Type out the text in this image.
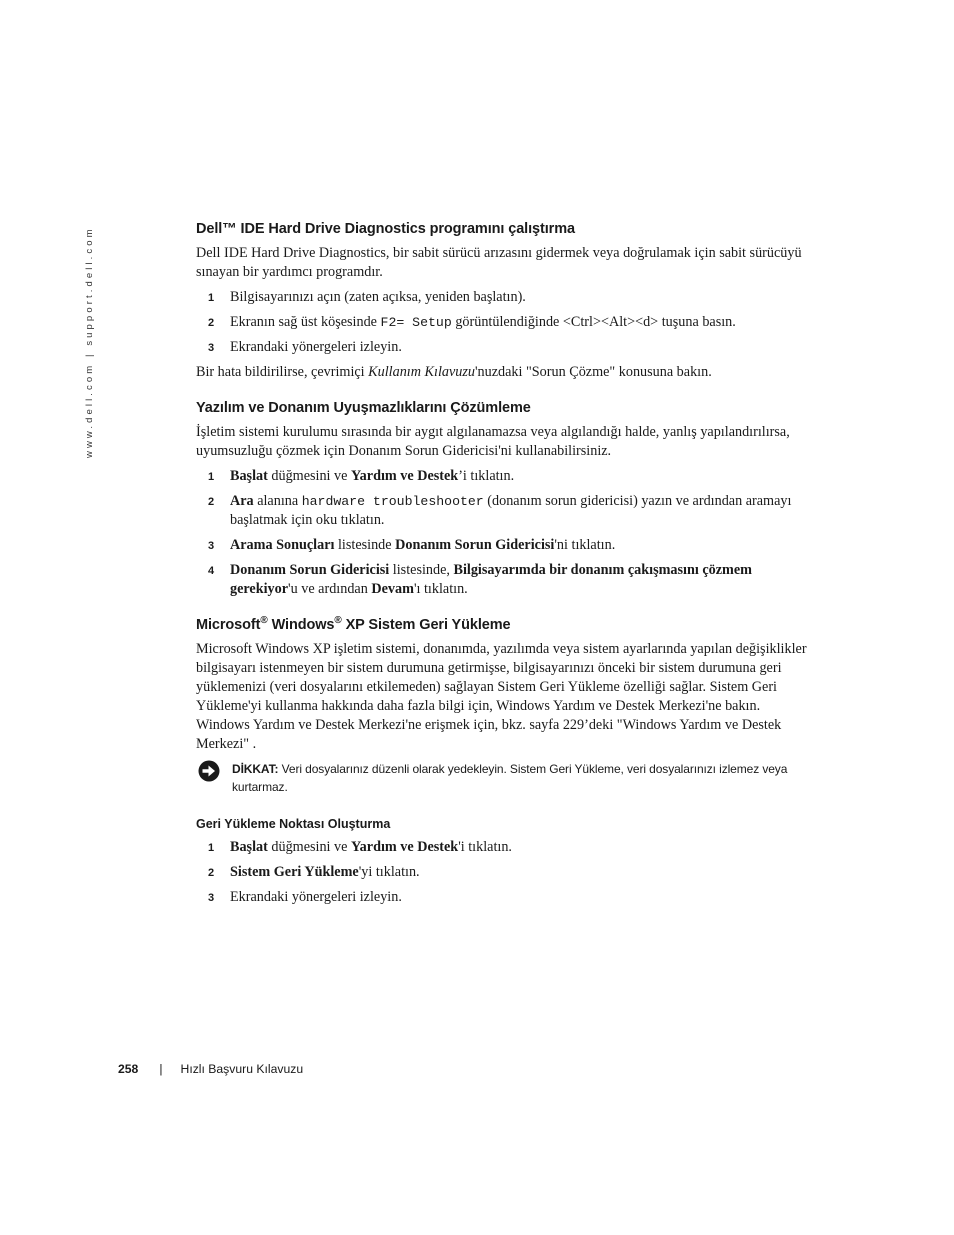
www.dell.com | support.dell.com	Dell™ IDE Hard Drive Diagnostics programını çalıştırma

Dell IDE Hard Drive Diagnostics, bir sabit sürücü arızasını gidermek veya doğrulamak için sabit sürücüyü sınayan bir yardımcı programdır.

1 Bilgisayarınızı açın (zaten açıksa, yeniden başlatın).
2 Ekranın sağ üst köşesinde F2= Setup görüntülendiğinde <Ctrl><Alt><d> tuşuna basın.
3 Ekrandaki yönergeleri izleyin.

Bir hata bildirilirse, çevrimiçi Kullanım Kılavuzu'nuzdaki "Sorun Çözme" konusuna bakın.

Yazılım ve Donanım Uyuşmazlıklarını Çözümleme

İşletim sistemi kurulumu sırasında bir aygıt algılanamazsa veya algılandığı halde, yanlış yapılandırılırsa, uyumsuzluğu çözmek için Donanım Sorun Gidericisi'ni kullanabilirsiniz.

1 Başlat düğmesini ve Yardım ve Destek’i tıklatın.
2 Ara alanına hardware troubleshooter (donanım sorun gidericisi) yazın ve ardından aramayı başlatmak için oku tıklatın.
3 Arama Sonuçları listesinde Donanım Sorun Gidericisi'ni tıklatın.
4 Donanım Sorun Gidericisi listesinde, Bilgisayarımda bir donanım çakışmasını çözmem gerekiyor'u ve ardından Devam'ı tıklatın.
Microsoft® Windows® XP Sistem Geri Yükleme

Microsoft Windows XP işletim sistemi, donanımda, yazılımda veya sistem ayarlarında yapılan değişiklikler bilgisayarı istenmeyen bir sistem durumuna getirmişse, bilgisayarınızı önceki bir sistem durumuna geri yüklemenizi (veri dosyalarını etkilemeden) sağlayan Sistem Geri Yükleme özelliği sağlar. Sistem Geri Yükleme'yi kullanma hakkında daha fazla bilgi için, Windows Yardım ve Destek Merkezi'ne bakın. Windows Yardım ve Destek Merkezi'ne erişmek için, bkz. sayfa 229’deki "Windows Yardım ve Destek Merkezi" .

DİKKAT: Veri dosyalarınız düzenli olarak yedekleyin. Sistem Geri Yükleme, veri dosyalarınızı izlemez veya kurtarmaz.

Geri Yükleme Noktası Oluşturma
1 Başlat düğmesini ve Yardım ve Destek'i tıklatın.
2 Sistem Geri Yükleme'yi tıklatın.
3 Ekrandaki yönergeleri izleyin.
258 | Hızlı Başvuru Kılavuzu
